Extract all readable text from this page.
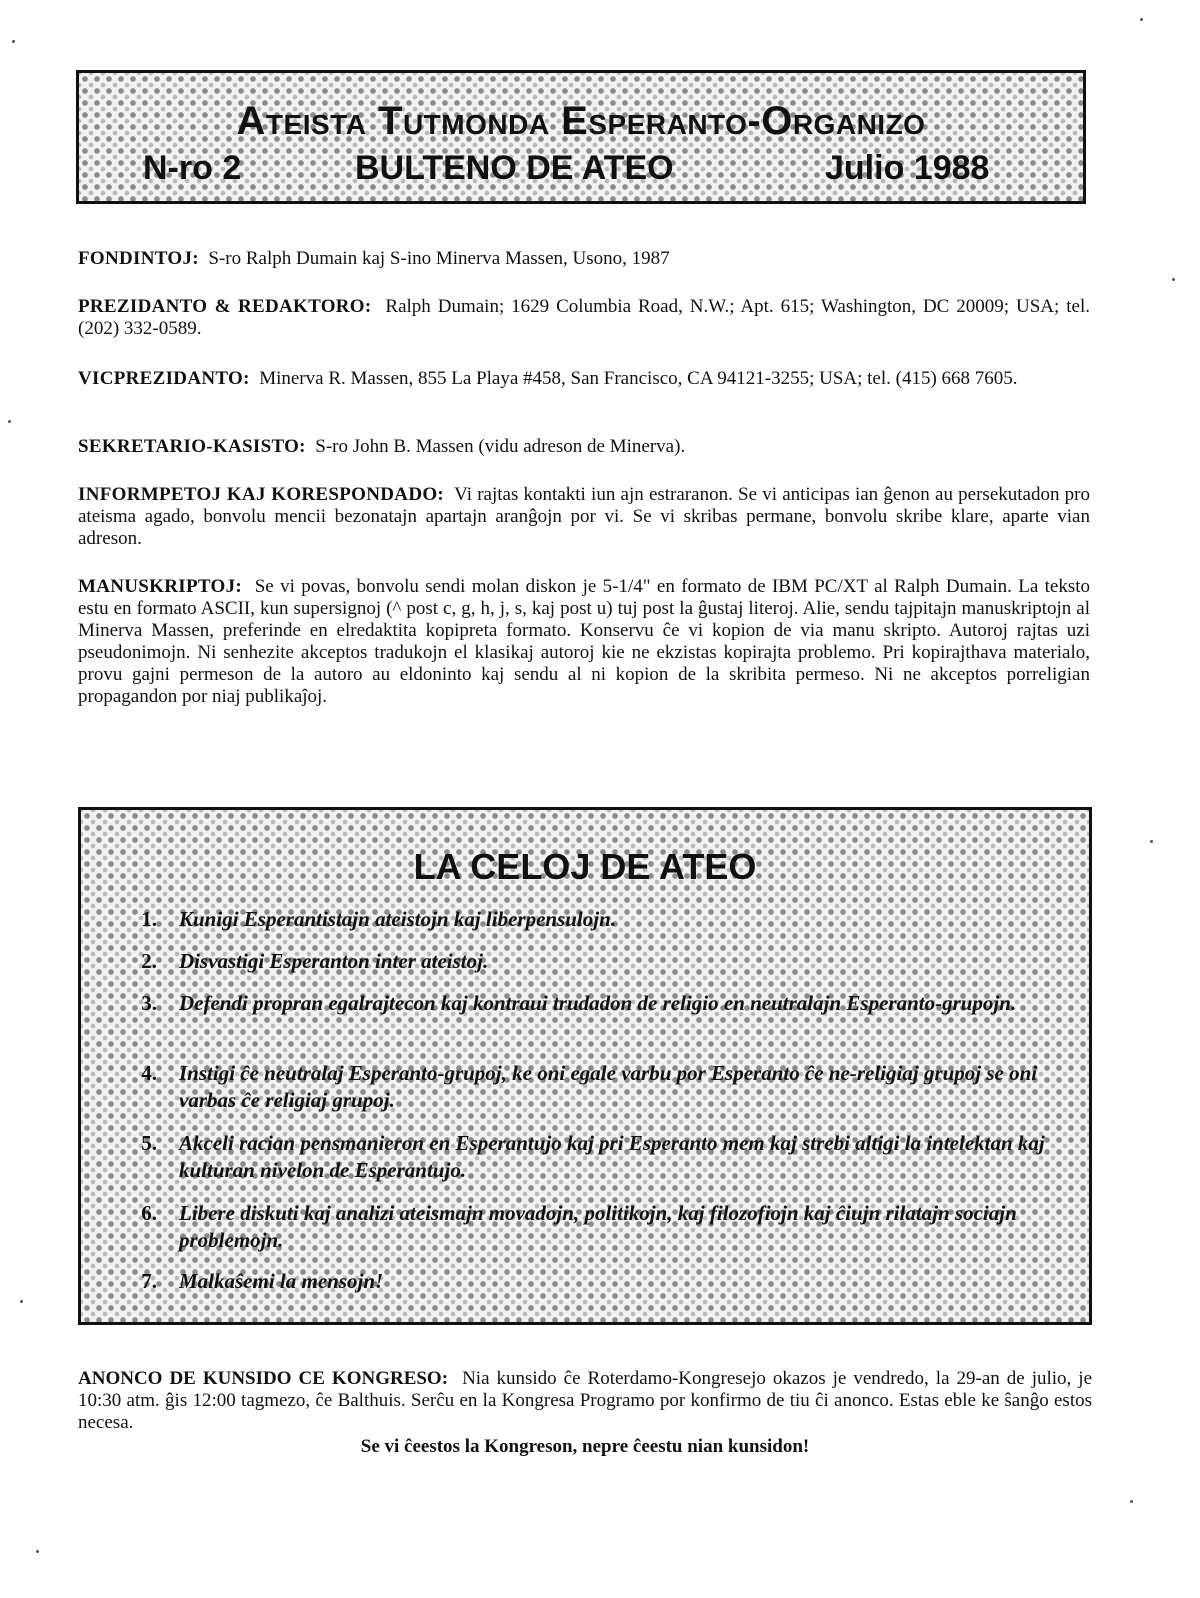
Ateista Tutmonda Esperanto-Organizo
N-ro 2	BULTENO DE ATEO	Julio 1988
FONDINTOJ: S-ro Ralph Dumain kaj S-ino Minerva Massen, Usono, 1987
PREZIDANTO & REDAKTORO: Ralph Dumain; 1629 Columbia Road, N.W.; Apt. 615; Washington, DC 20009; USA; tel. (202) 332-0589.
VICPREZIDANTO: Minerva R. Massen, 855 La Playa #458, San Francisco, CA 94121-3255; USA; tel. (415) 668 7605.
SEKRETARIO-KASISTO: S-ro John B. Massen (vidu adreson de Minerva).
INFORMPETOJ KAJ KORESPONDADO: Vi rajtas kontakti iun ajn estraranon. Se vi anticipas ian ĝenon au persekutadon pro ateisma agado, bonvolu mencii bezonatajn apartajn aranĝojn por vi. Se vi skribas permane, bonvolu skribe klare, aparte vian adreson.
MANUSKRIPTOJ: Se vi povas, bonvolu sendi molan diskon je 5-1/4" en formato de IBM PC/XT al Ralph Dumain. La teksto estu en formato ASCII, kun supersignoj (^ post c, g, h, j, s, kaj post u) tuj post la ĝustaj literoj. Alie, sendu tajpitajn manuskriptojn al Minerva Massen, preferinde en elredaktita kopipreta formato. Konservu ĉe vi kopion de via manu skripto. Autoroj rajtas uzi pseudonimojn. Ni senhezite akceptos tradukojn el klasikaj autoroj kie ne ekzistas kopirajta problemo. Pri kopirajthava materialo, provu gajni permeson de la autoro au eldoninto kaj sendu al ni kopion de la skribita permeso. Ni ne akceptos porreligian propagandon por niaj publikaĵoj.
LA CELOJ DE ATEO
1. Kunigi Esperantistajn ateistojn kaj liberpensulojn.
2. Disvastigi Esperanton inter ateistoj.
3. Defendi propran egalrajtecon kaj kontraui trudadon de religio en neutralajn Esperanto-grupojn.
4. Instigi ĉe neutralaj Esperanto-grupoj, ke oni egale varbu por Esperanto ĉe ne-religiaj grupoj se oni varbas ĉe religiaj grupoj.
5. Akceli racian pensmanieron en Esperantujo kaj pri Esperanto mem kaj strebi altigi la intelektan kaj kulturan nivelon de Esperantujo.
6. Libere diskuti kaj analizi ateismajn movadojn, politikojn, kaj filozofiojn kaj ĉiujn rilatajn sociajn problemojn.
7. Malkaŝemi la mensojn!
ANONCO DE KUNSIDO CE KONGRESO: Nia kunsido ĉe Roterdamo-Kongresejo okazos je vendredo, la 29-an de julio, je 10:30 atm. ĝis 12:00 tagmezo, ĉe Balthuis. Serĉu en la Kongresa Programo por konfirmo de tiu ĉi anonco. Estas eble ke ŝanĝo estos necesa.
Se vi ĉeestos la Kongreson, nepre ĉeestu nian kunsidon!
